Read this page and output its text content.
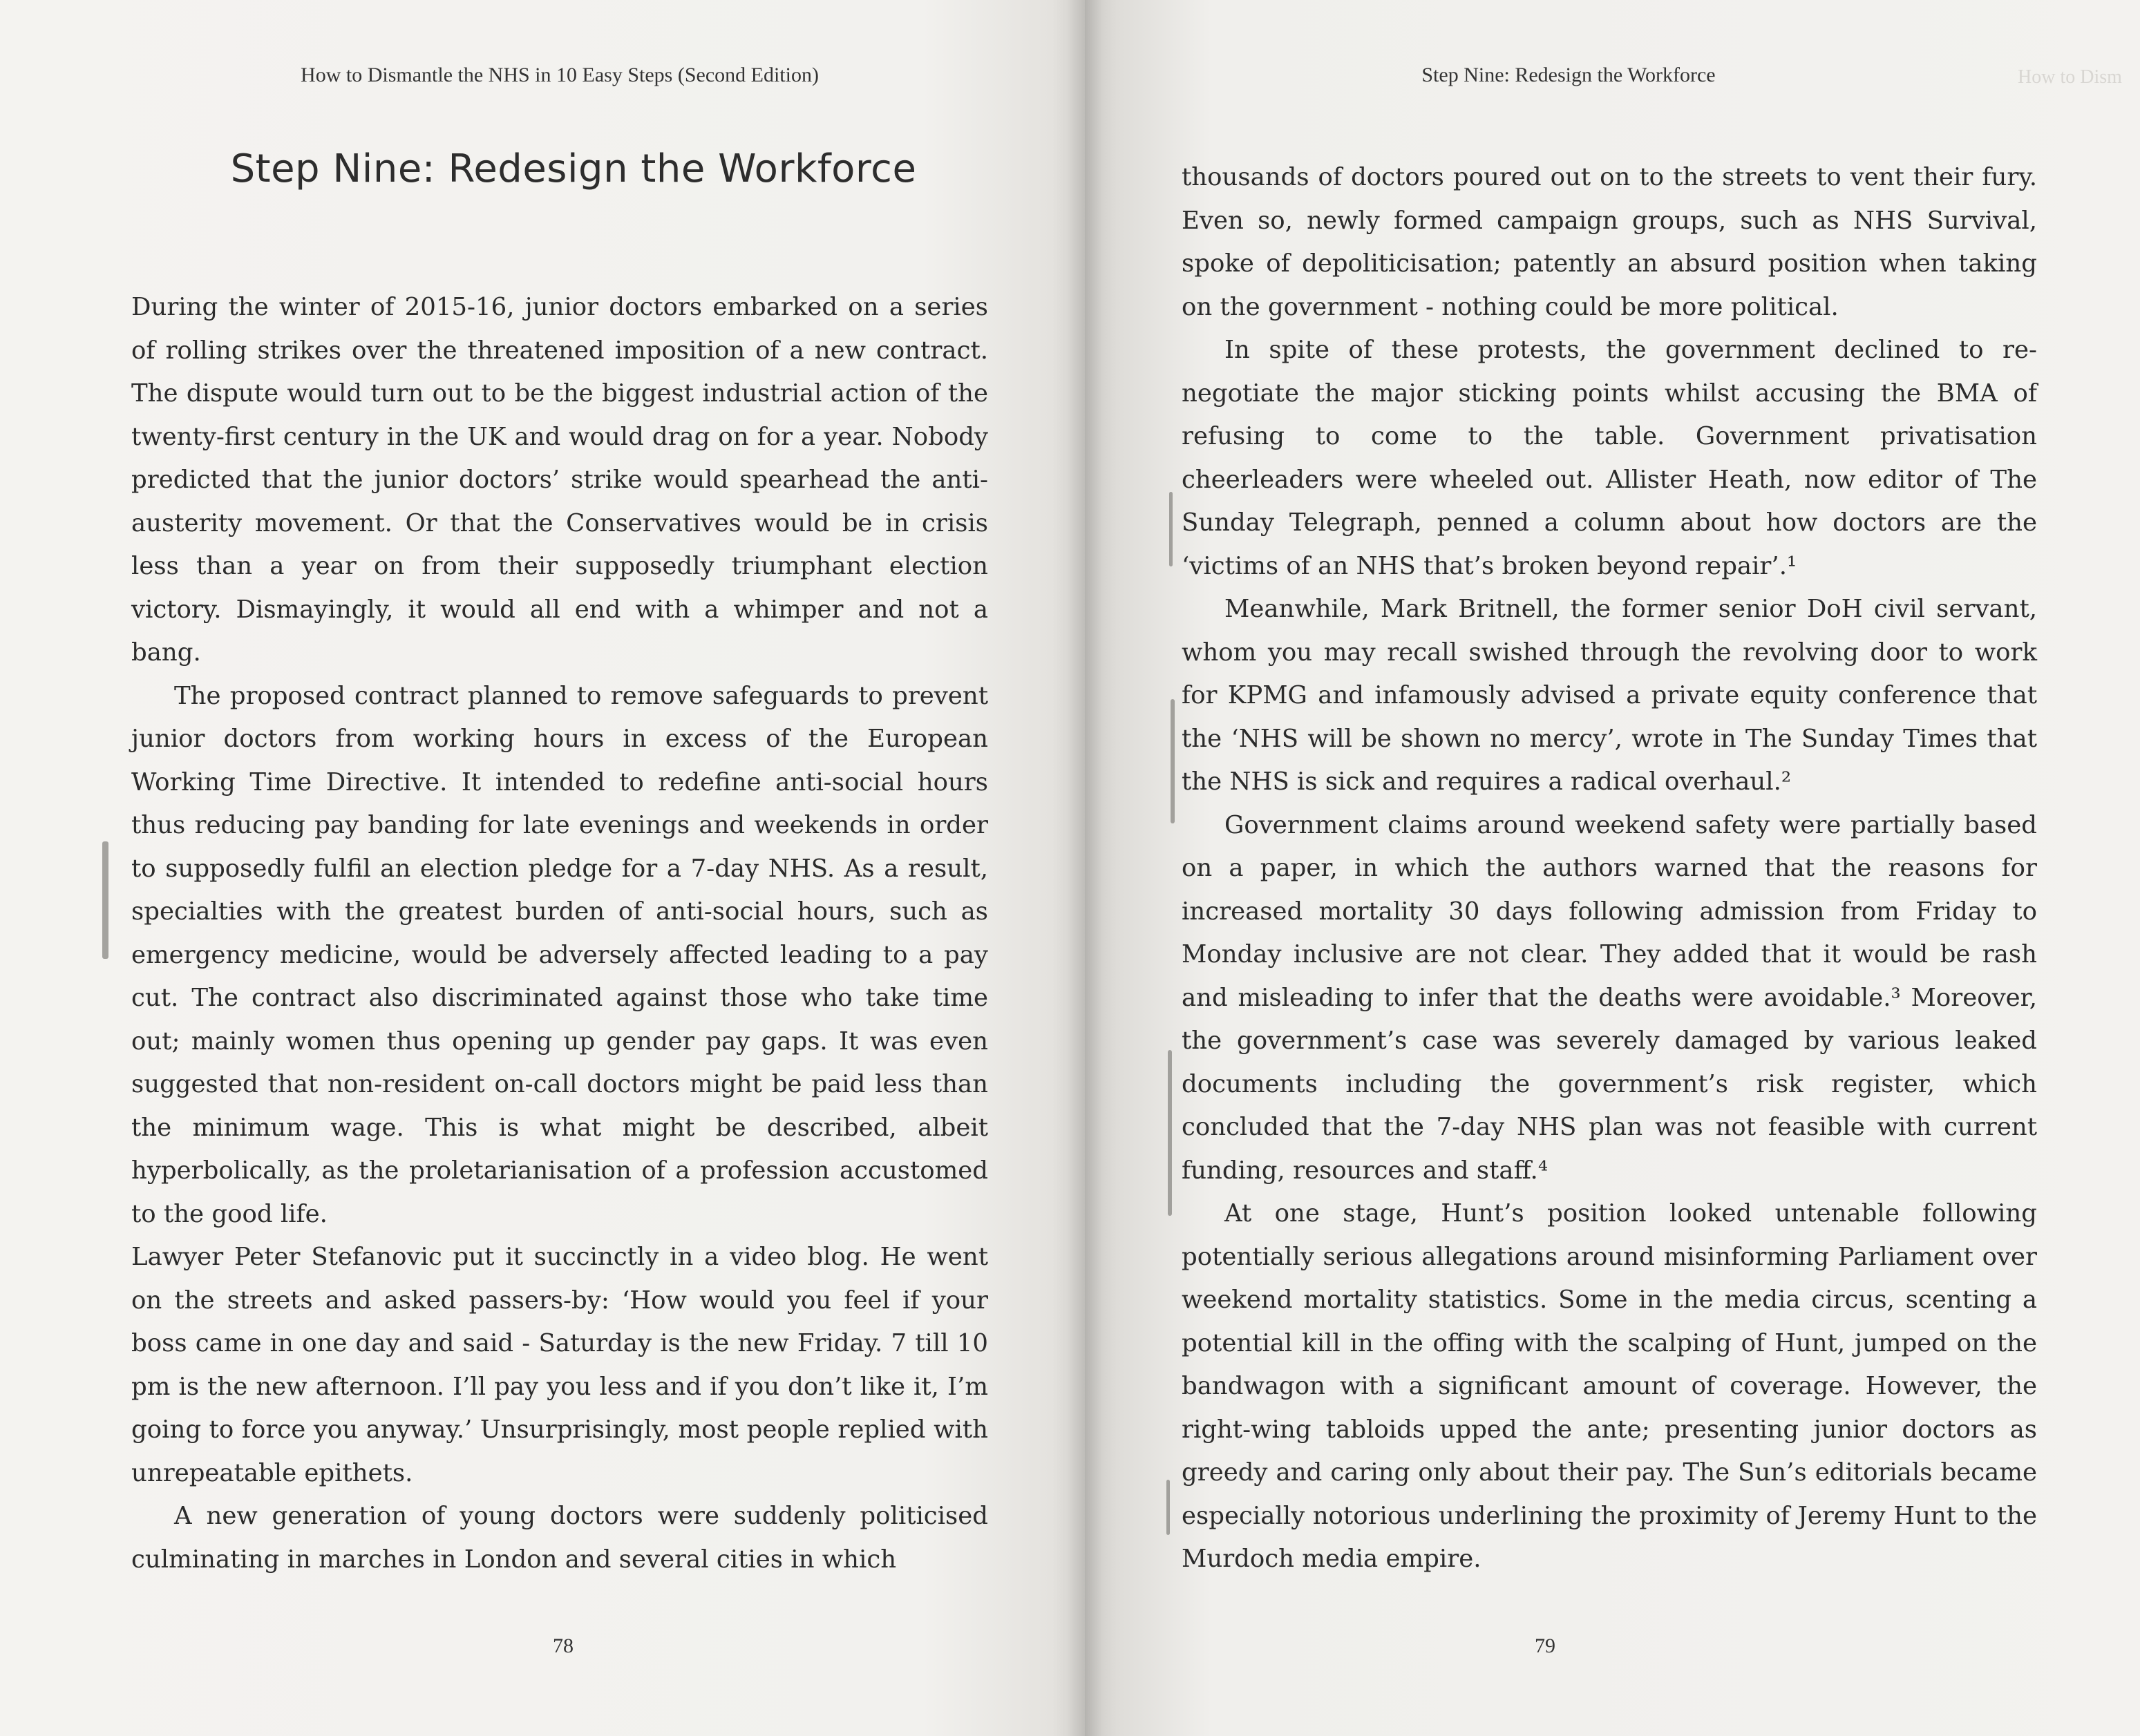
How to Dismantle the NHS in 10 Easy Steps (Second Edition)
Step Nine: Redesign the Workforce

During the winter of 2015-16, junior doctors embarked on a series of rolling strikes over the threatened imposition of a new contract. The dispute would turn out to be the biggest industrial action of the twenty-first century in the UK and would drag on for a year. Nobody predicted that the junior doctors’ strike would spearhead the anti-austerity movement. Or that the Conservatives would be in crisis less than a year on from their supposedly triumphant election victory. Dismayingly, it would all end with a whimper and not a bang.

The proposed contract planned to remove safeguards to prevent junior doctors from working hours in excess of the European Working Time Directive. It intended to redefine anti-social hours thus reducing pay banding for late evenings and weekends in order to supposedly fulfil an election pledge for a 7-day NHS. As a result, specialties with the greatest burden of anti-social hours, such as emergency medicine, would be adversely affected leading to a pay cut. The contract also discriminated against those who take time out; mainly women thus opening up gender pay gaps. It was even suggested that non-resident on-call doctors might be paid less than the minimum wage. This is what might be described, albeit hyperbolically, as the proletarianisation of a profession accustomed to the good life.

Lawyer Peter Stefanovic put it succinctly in a video blog. He went on the streets and asked passers-by: ‘How would you feel if your boss came in one day and said - Saturday is the new Friday. 7 till 10 pm is the new afternoon. I’ll pay you less and if you don’t like it, I’m going to force you anyway.’ Unsurprisingly, most people replied with unrepeatable epithets.

A new generation of young doctors were suddenly politicised culminating in marches in London and several cities in which

78
How to Dism
Step Nine: Redesign the Workforce

thousands of doctors poured out on to the streets to vent their fury. Even so, newly formed campaign groups, such as NHS Survival, spoke of depoliticisation; patently an absurd position when taking on the government - nothing could be more political.

In spite of these protests, the government declined to re-negotiate the major sticking points whilst accusing the BMA of refusing to come to the table. Government privatisation cheerleaders were wheeled out. Allister Heath, now editor of The Sunday Telegraph, penned a column about how doctors are the ‘victims of an NHS that’s broken beyond repair’.¹

Meanwhile, Mark Britnell, the former senior DoH civil servant, whom you may recall swished through the revolving door to work for KPMG and infamously advised a private equity conference that the ‘NHS will be shown no mercy’, wrote in The Sunday Times that the NHS is sick and requires a radical overhaul.²

Government claims around weekend safety were partially based on a paper, in which the authors warned that the reasons for increased mortality 30 days following admission from Friday to Monday inclusive are not clear. They added that it would be rash and misleading to infer that the deaths were avoidable.³ Moreover, the government’s case was severely damaged by various leaked documents including the government’s risk register, which concluded that the 7-day NHS plan was not feasible with current funding, resources and staff.⁴

At one stage, Hunt’s position looked untenable following potentially serious allegations around misinforming Parliament over weekend mortality statistics. Some in the media circus, scenting a potential kill in the offing with the scalping of Hunt, jumped on the bandwagon with a significant amount of coverage. However, the right-wing tabloids upped the ante; presenting junior doctors as greedy and caring only about their pay. The Sun’s editorials became especially notorious underlining the proximity of Jeremy Hunt to the Murdoch media empire.

79
